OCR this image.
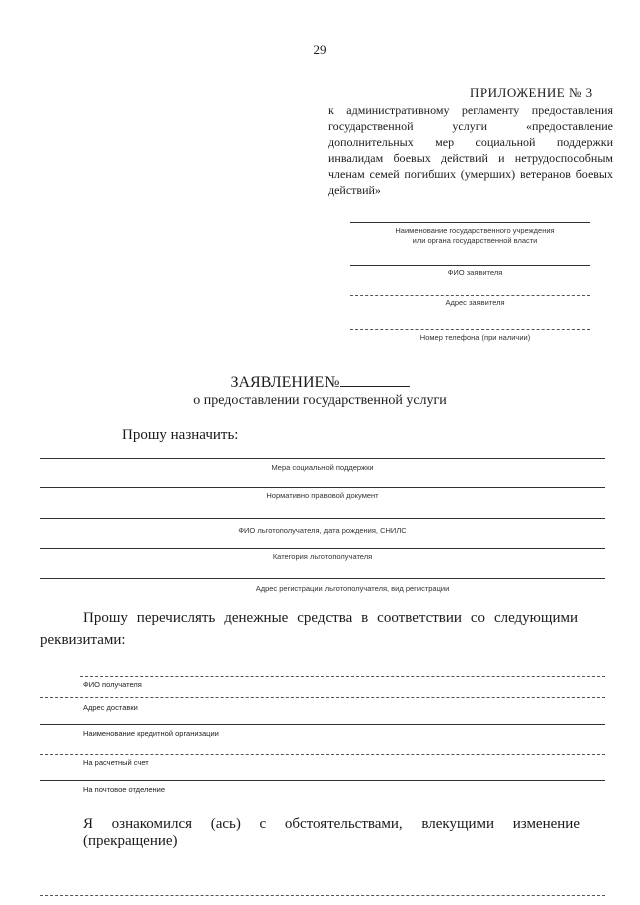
29
ПРИЛОЖЕНИЕ № 3
к административному регламенту предоставления государственной услуги «предоставление дополнительных мер социальной поддержки инвалидам боевых действий и нетрудоспособным членам семей погибших (умерших) ветеранов боевых действий»
Наименование государственного учреждения или органа государственной власти
ФИО заявителя
Адрес заявителя
Номер телефона (при наличии)
ЗАЯВЛЕНИЕ№
о предоставлении государственной услуги
Прошу назначить:
Мера социальной поддержки
Нормативно правовой документ
ФИО льготополучателя, дата рождения, СНИЛС
Категория льготополучателя
Адрес регистрации льготополучателя, вид регистрации
Прошу перечислять денежные средства в соответствии со следующими
реквизитами:
ФИО получателя
Адрес доставки
Наименование кредитной организации
На расчетный счет
На почтовое отделение
Я ознакомился (ась) с обстоятельствами, влекущими изменение (прекращение)
